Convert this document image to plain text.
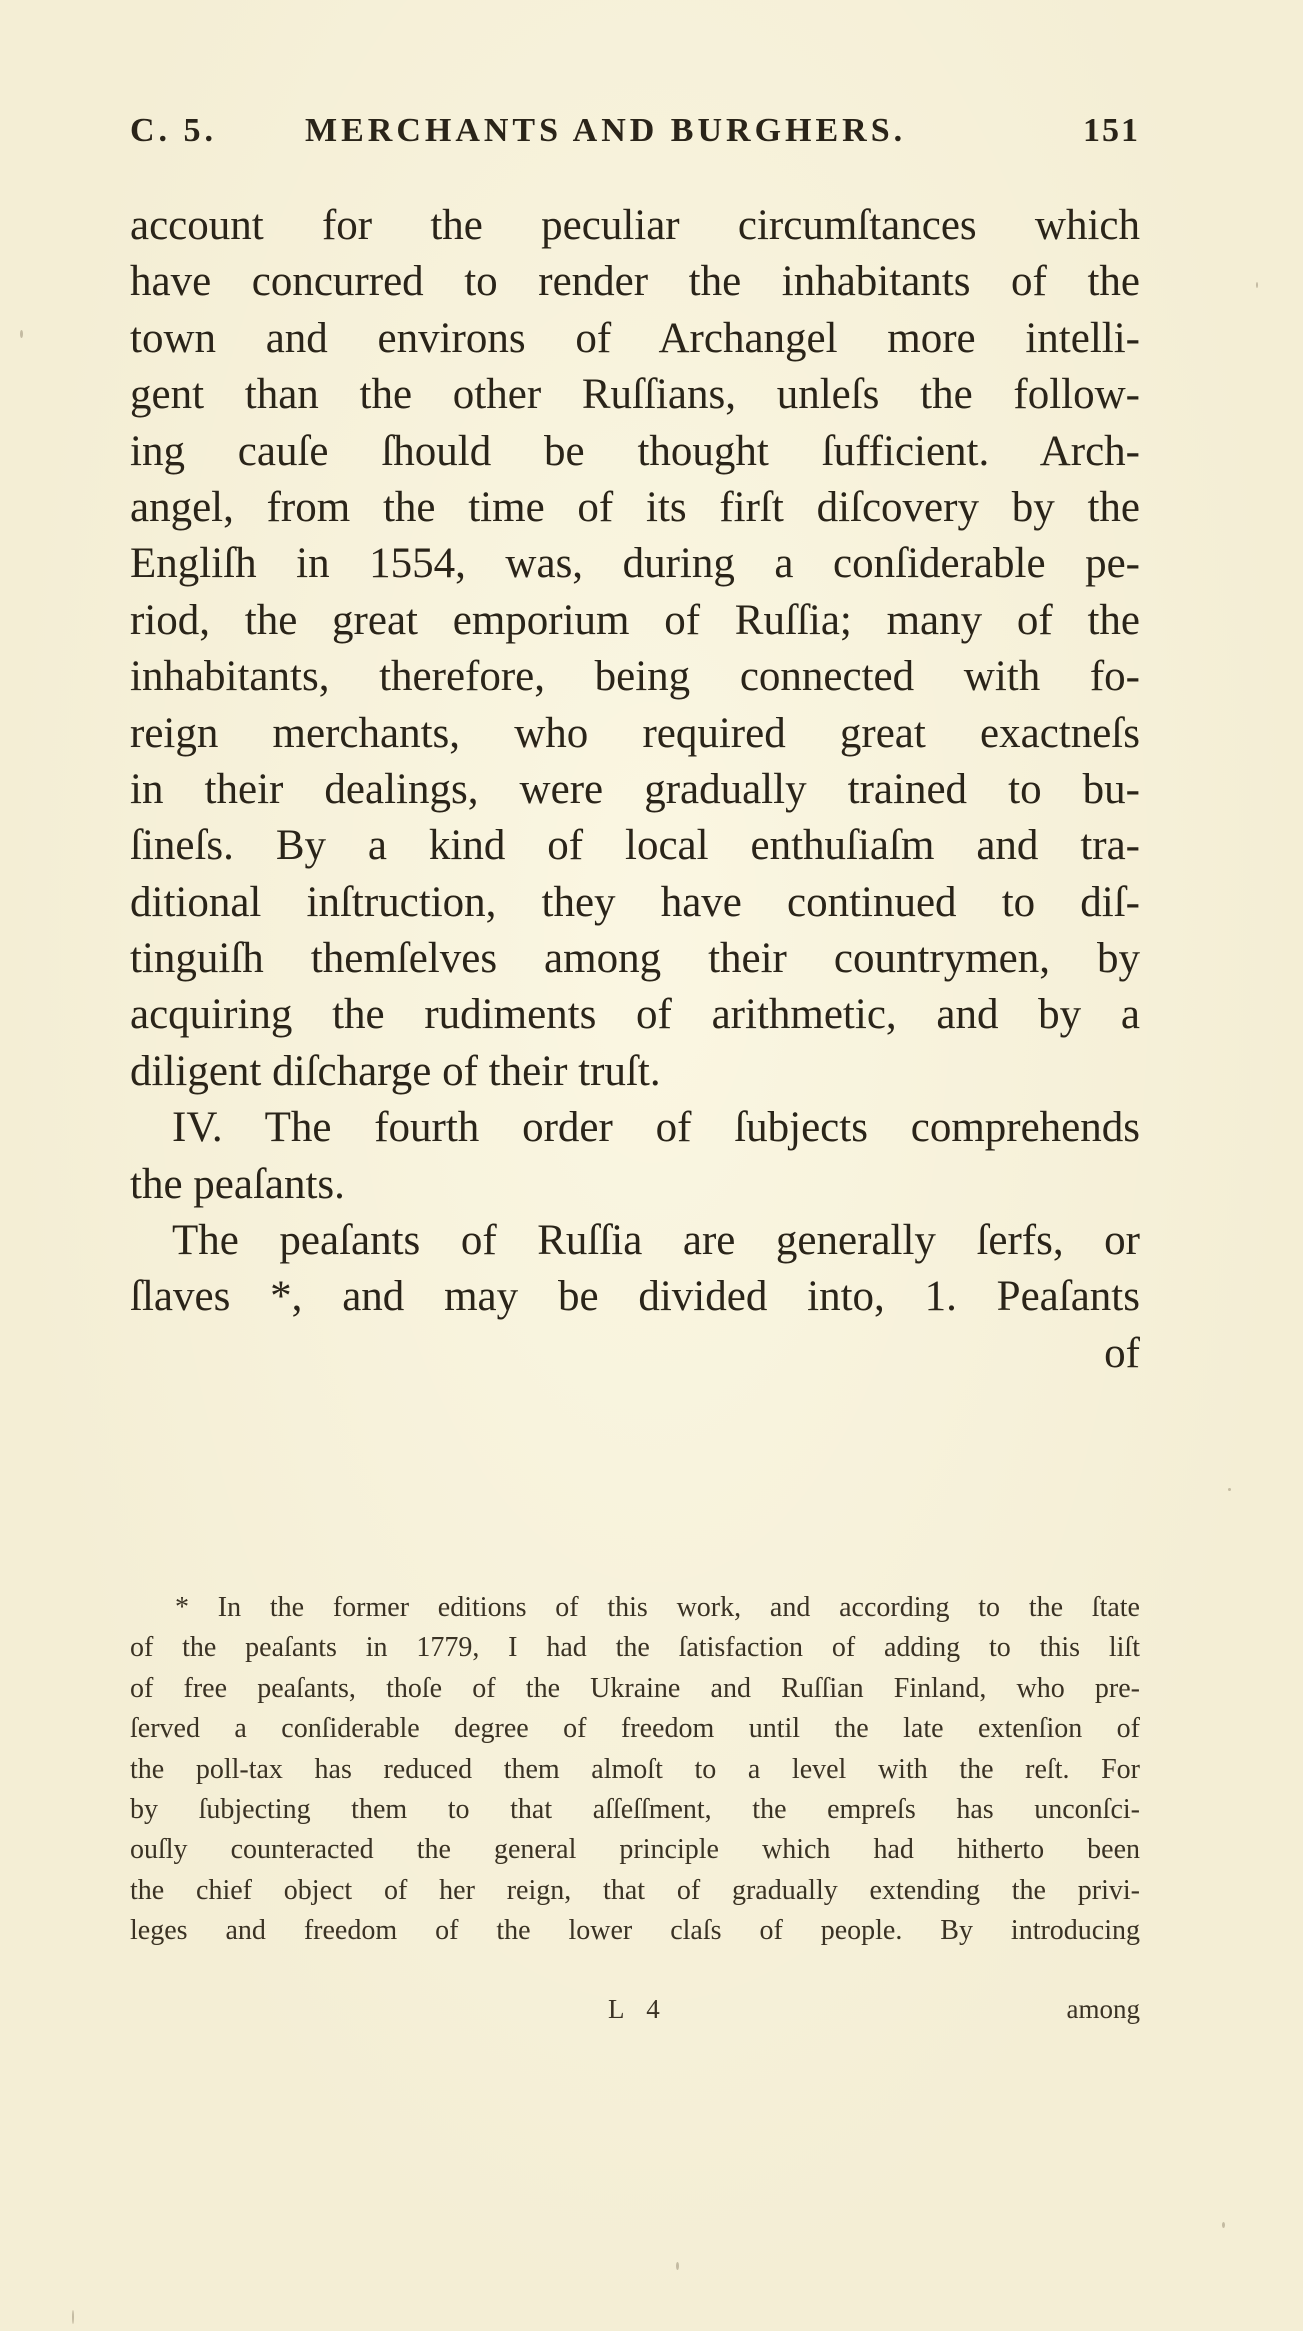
C. 5.	MERCHANTS AND BURGHERS.	151
account for the peculiar circumſtances which
have concurred to render the inhabitants of the
town and environs of Archangel more intelli-
gent than the other Ruſſians, unleſs the follow-
ing cauſe ſhould be thought ſufficient. Arch-
angel, from the time of its firſt diſcovery by the
Engliſh in 1554, was, during a conſiderable pe-
riod, the great emporium of Ruſſia; many of the
inhabitants, therefore, being connected with fo-
reign merchants, who required great exactneſs
in their dealings, were gradually trained to bu-
ſineſs. By a kind of local enthuſiaſm and tra-
ditional inſtruction, they have continued to diſ-
tinguiſh themſelves among their countrymen, by
acquiring the rudiments of arithmetic, and by a
diligent diſcharge of their truſt.
IV. The fourth order of ſubjects comprehends
the peaſants.
The peaſants of Ruſſia are generally ſerfs, or
ſlaves *, and may be divided into, 1. Peaſants
of
* In the former editions of this work, and according to the ſtate
of the peaſants in 1779, I had the ſatisfaction of adding to this liſt
of free peaſants, thoſe of the Ukraine and Ruſſian Finland, who pre-
ſerved a conſiderable degree of freedom until the late extenſion of
the poll-tax has reduced them almoſt to a level with the reſt. For
by ſubjecting them to that aſſeſſment, the empreſs has unconſci-
ouſly counteracted the general principle which had hitherto been
the chief object of her reign, that of gradually extending the privi-
leges and freedom of the lower claſs of people. By introducing
L 4	among
